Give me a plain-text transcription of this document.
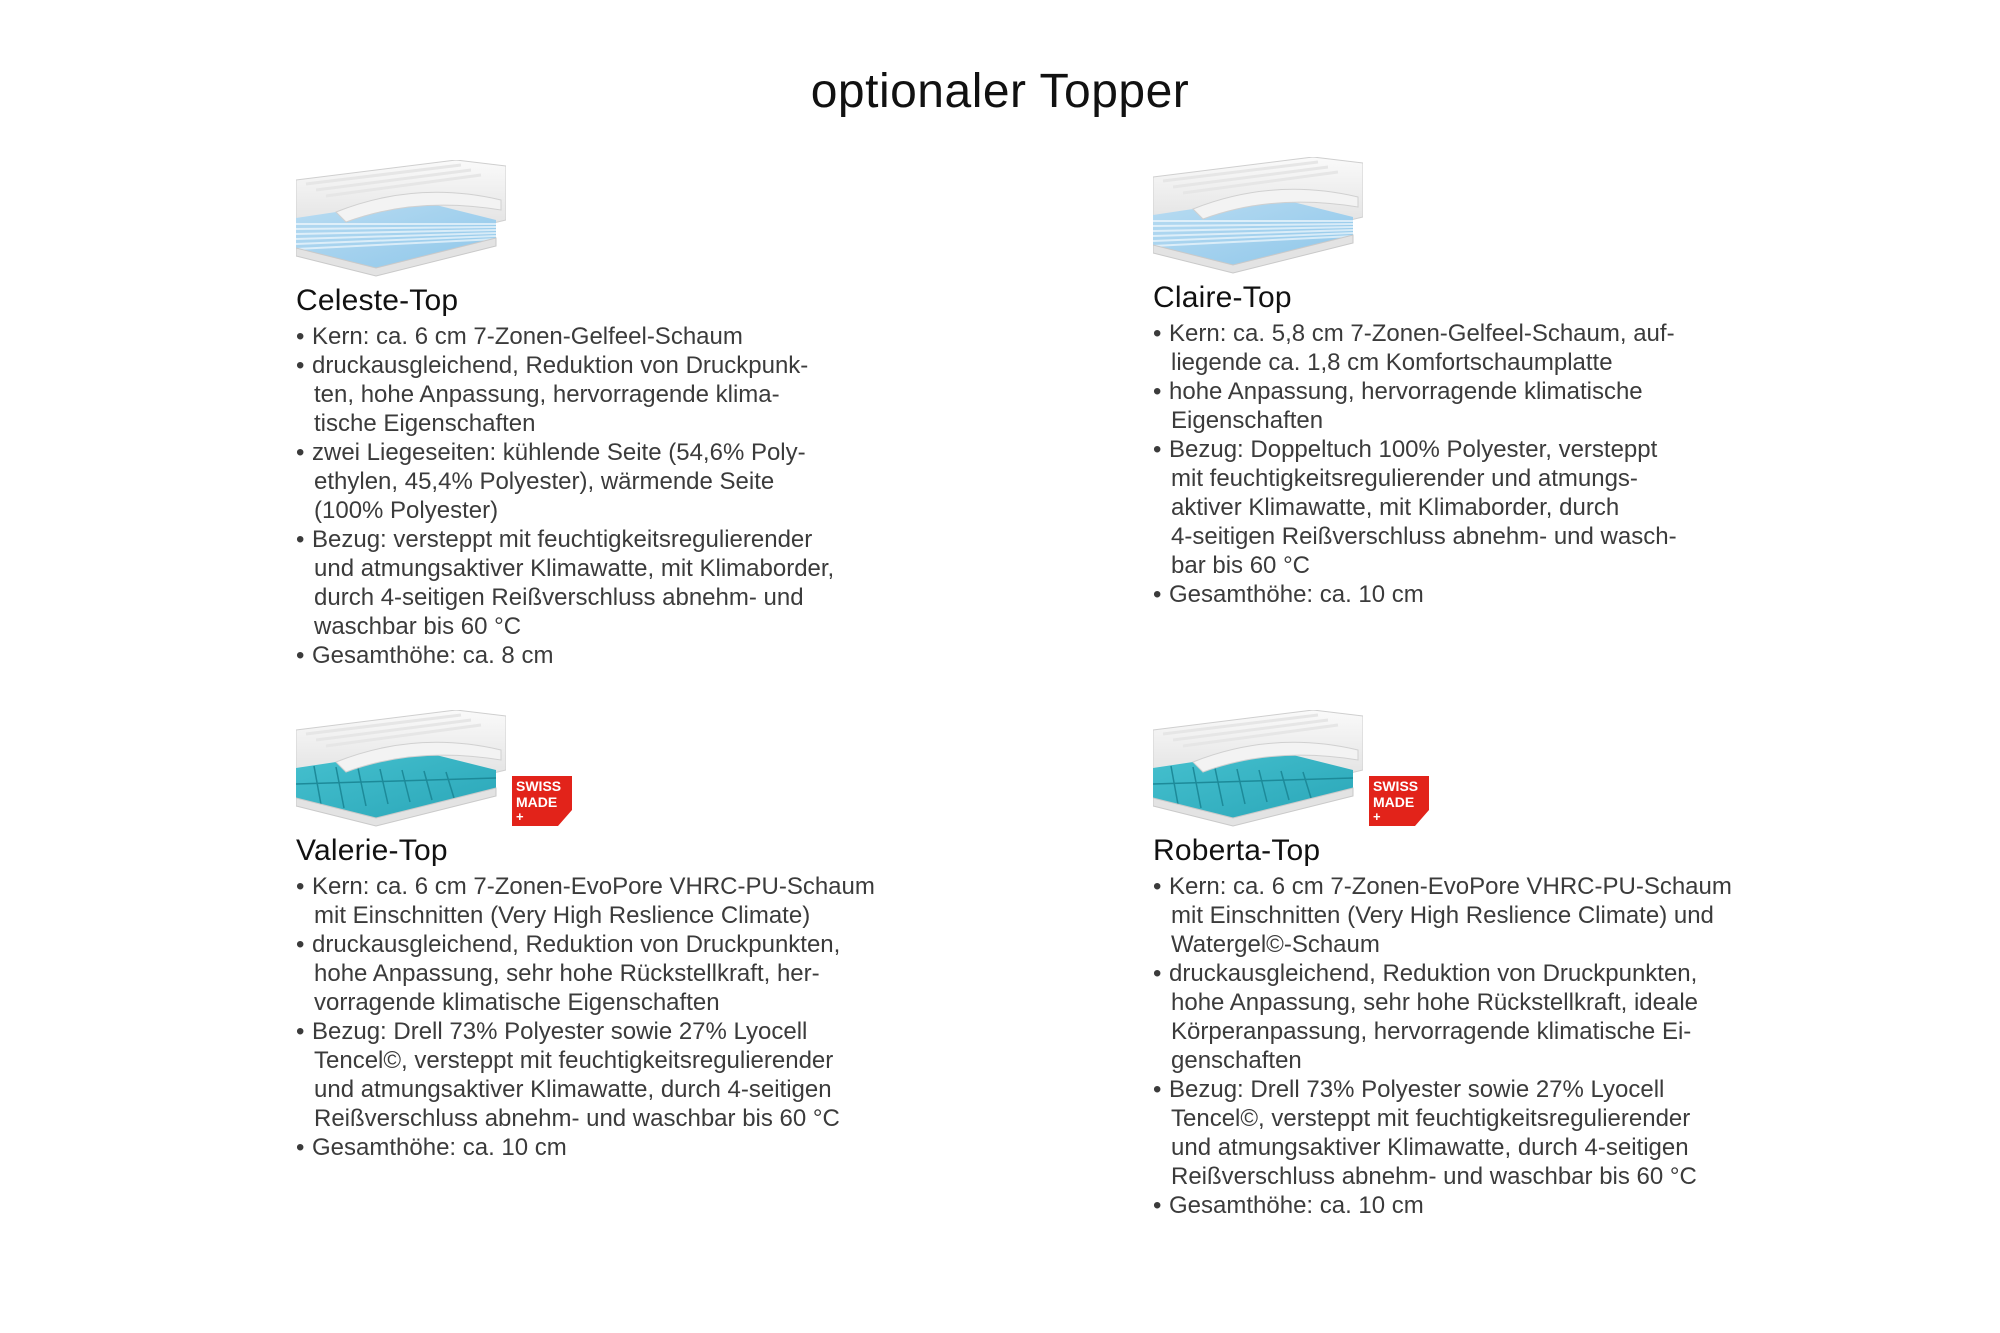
optionaler Topper
Celeste-Top
• Kern: ca. 6 cm 7-Zonen-Gelfeel-Schaum
• druckausgleichend, Reduktion von Druckpunk-
ten, hohe Anpassung, hervorragende klima-
tische Eigenschaften
• zwei Liegeseiten: kühlende Seite (54,6% Poly-
ethylen, 45,4% Polyester), wärmende Seite
(100% Polyester)
• Bezug: versteppt mit feuchtigkeitsregulierender
und atmungsaktiver Klimawatte, mit Klimaborder,
durch 4-seitigen Reißverschluss abnehm- und
waschbar bis 60 °C
• Gesamthöhe: ca. 8 cm
Claire-Top
• Kern: ca. 5,8 cm 7-Zonen-Gelfeel-Schaum, auf-
liegende ca. 1,8 cm Komfortschaumplatte
• hohe Anpassung, hervorragende klimatische
Eigenschaften
• Bezug: Doppeltuch 100% Polyester, versteppt
mit feuchtigkeitsregulierender und atmungs-
aktiver Klimawatte, mit Klimaborder, durch
4-seitigen Reißverschluss abnehm- und wasch-
bar bis 60 °C
• Gesamthöhe: ca. 10 cm
SWISS
MADE
+
Valerie-Top
• Kern: ca. 6 cm 7-Zonen-EvoPore VHRC-PU-Schaum
mit Einschnitten (Very High Reslience Climate)
• druckausgleichend, Reduktion von Druckpunkten,
hohe Anpassung, sehr hohe Rückstellkraft, her-
vorragende klimatische Eigenschaften
• Bezug: Drell 73% Polyester sowie 27% Lyocell
Tencel©, versteppt mit feuchtigkeitsregulierender
und atmungsaktiver Klimawatte, durch 4-seitigen
Reißverschluss abnehm- und waschbar bis 60 °C
• Gesamthöhe: ca. 10 cm
SWISS
MADE
+
Roberta-Top
• Kern: ca. 6 cm 7-Zonen-EvoPore VHRC-PU-Schaum
mit Einschnitten (Very High Reslience Climate) und
Watergel©-Schaum
• druckausgleichend, Reduktion von Druckpunkten,
hohe Anpassung, sehr hohe Rückstellkraft, ideale
Körperanpassung, hervorragende klimatische Ei-
genschaften
• Bezug: Drell 73% Polyester sowie 27% Lyocell
Tencel©, versteppt mit feuchtigkeitsregulierender
und atmungsaktiver Klimawatte, durch 4-seitigen
Reißverschluss abnehm- und waschbar bis 60 °C
• Gesamthöhe: ca. 10 cm
